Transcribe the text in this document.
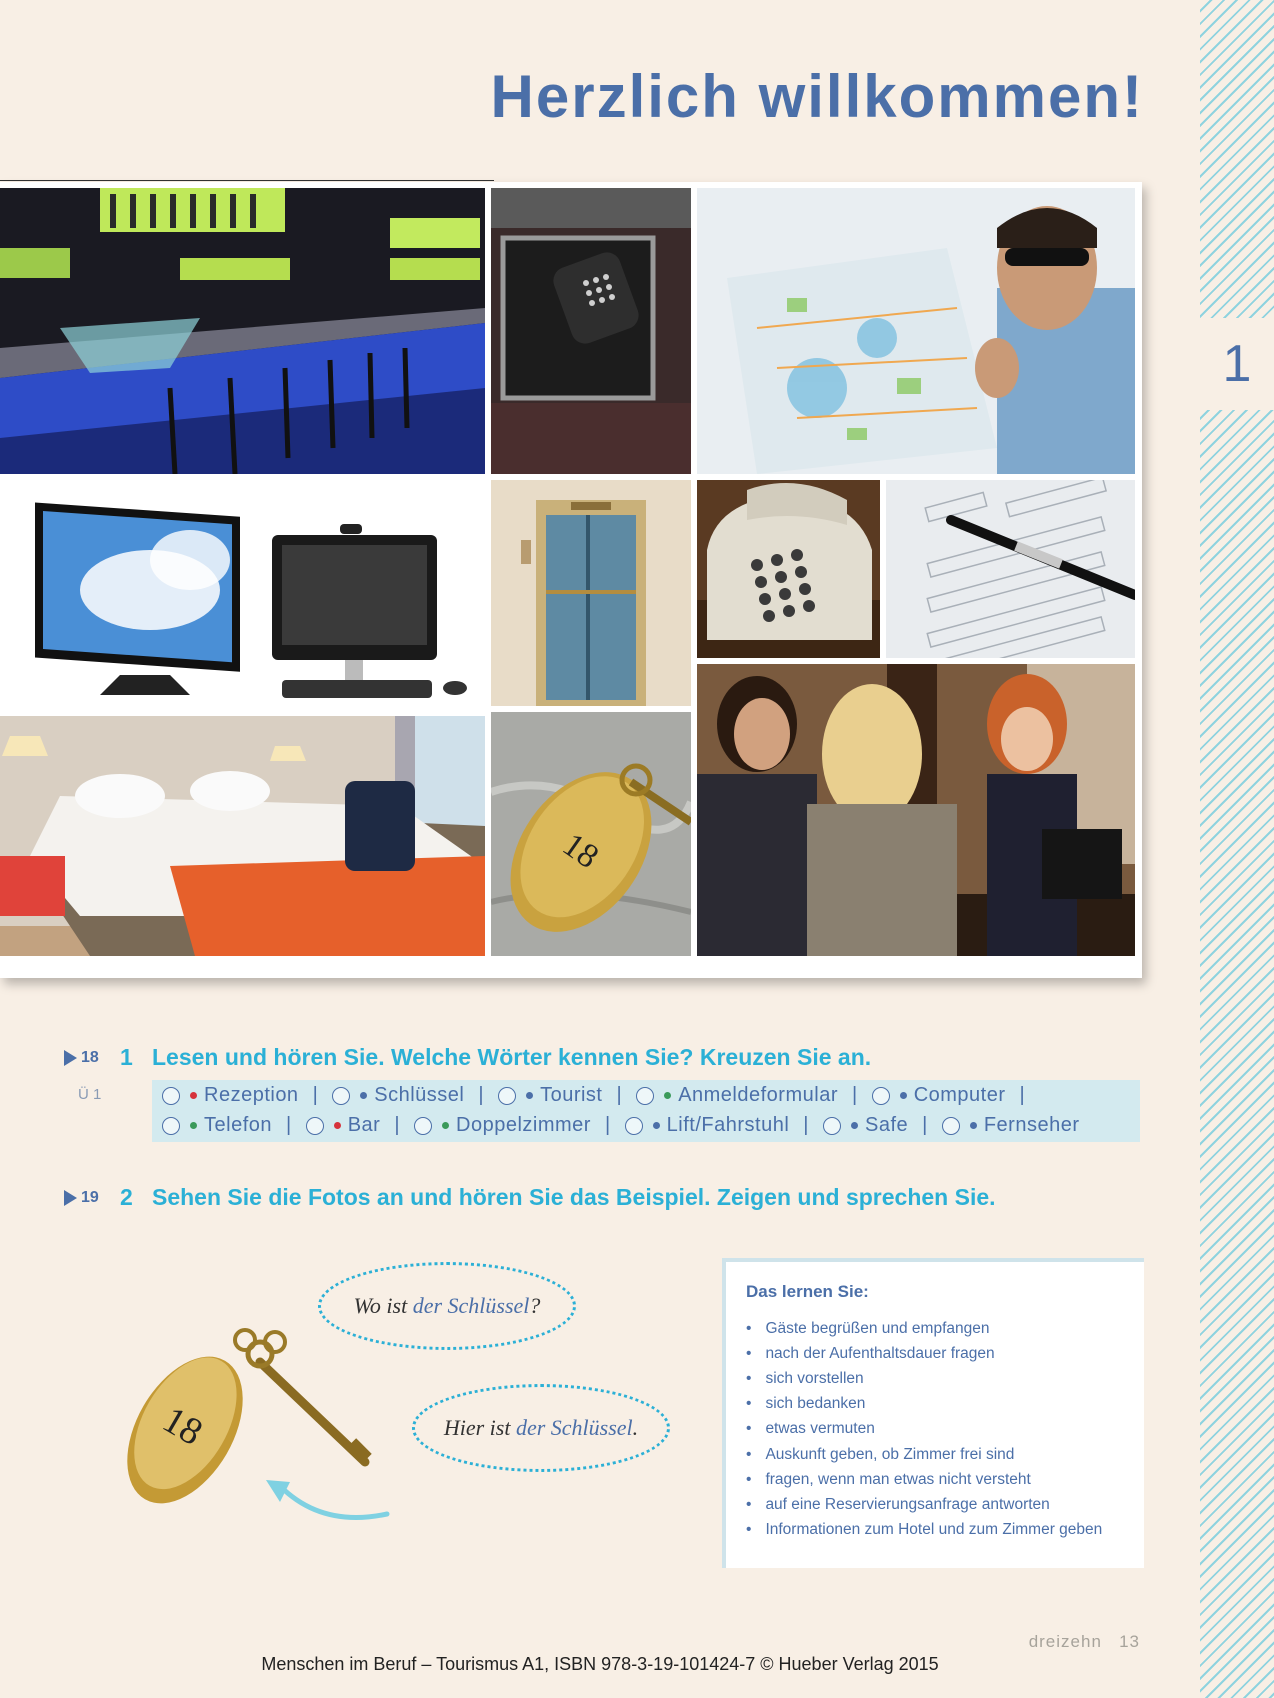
1
Herzlich willkommen!
18
18 1 Lesen und hören Sie. Welche Wörter kennen Sie? Kreuzen Sie an.
Ü 1	Rezeption |	Schlüssel |	Tourist |	Anmeldeformular |	Computer |
Telefon |	Bar |	Doppelzimmer |	Lift/Fahrstuhl |	Safe |	Fernseher
19 2 Sehen Sie die Fotos an und hören Sie das Beispiel. Zeigen und sprechen Sie.
18
Wo ist der Schlüssel ?
Hier ist der Schlüssel .
Das lernen Sie:
• Gäste begrüßen und empfangen
• nach der Aufenthaltsdauer fragen
• sich vorstellen
• sich bedanken
• etwas vermuten
• Auskunft geben, ob Zimmer frei sind
• fragen, wenn man etwas nicht versteht
• auf eine Reservierungsanfrage antworten
• Informationen zum Hotel und zum Zimmer geben
dreizehn 13
Menschen im Beruf – Tourismus A1, ISBN 978-3-19-101424-7 © Hueber Verlag 2015
